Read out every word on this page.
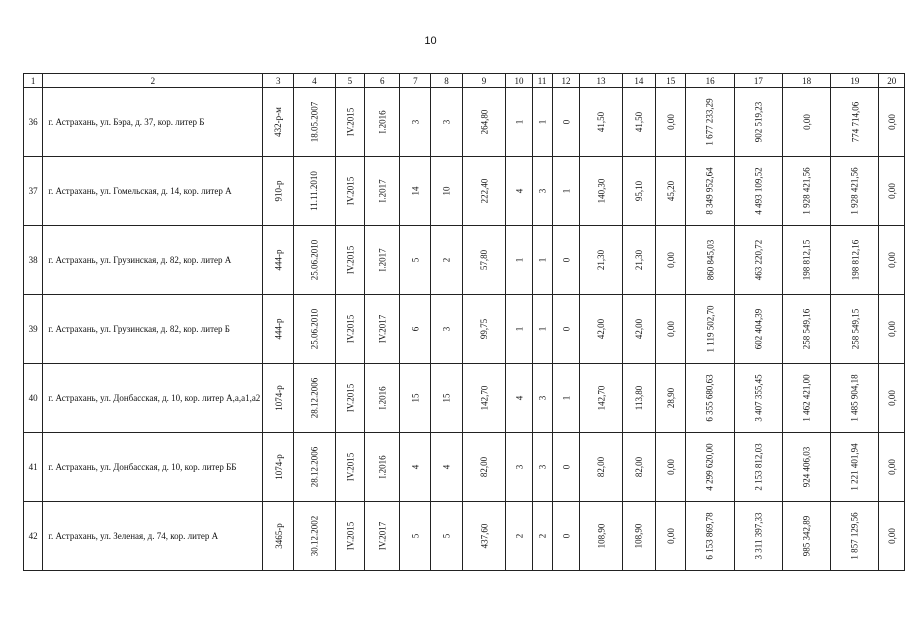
10
1	2	3	4	5	6	7	8	9	10	11	12	13	14	15	16	17	18	19	20
36	г. Астрахань, ул. Бэра, д. 37, кор. литер Б	432-р-м	18.05.2007	IV.2015	I.2016	3	3	264,80	1	1	0	41,50	41,50	0,00	1 677 233,29	902 519,23	0,00	774 714,06	0,00
37	г. Астрахань, ул. Гомельская, д. 14, кор. литер А	910-р	11.11.2010	IV.2015	I.2017	14	10	222,40	4	3	1	140,30	95,10	45,20	8 349 952,64	4 493 109,52	1 928 421,56	1 928 421,56	0,00
38	г. Астрахань, ул. Грузинская, д. 82, кор. литер А	444-р	25.06.2010	IV.2015	I.2017	5	2	57,80	1	1	0	21,30	21,30	0,00	860 845,03	463 220,72	198 812,15	198 812,16	0,00
39	г. Астрахань, ул. Грузинская, д. 82, кор. литер Б	444-р	25.06.2010	IV.2015	IV.2017	6	3	99,75	1	1	0	42,00	42,00	0,00	1 119 502,70	602 404,39	258 549,16	258 549,15	0,00
40	г. Астрахань, ул. Донбасская, д. 10, кор. литер А,а,а1,а2	1074-р	28.12.2006	IV.2015	I.2016	15	15	142,70	4	3	1	142,70	113,80	28,90	6 355 680,63	3 407 355,45	1 462 421,00	1 485 904,18	0,00
41	г. Астрахань, ул. Донбасская, д. 10, кор. литер ББ	1074-р	28.12.2006	IV.2015	I.2016	4	4	82,00	3	3	0	82,00	82,00	0,00	4 299 620,00	2 153 812,03	924 406,03	1 221 401,94	0,00
42	г. Астрахань, ул. Зеленая, д. 74, кор. литер А	3465-р	30.12.2002	IV.2015	IV.2017	5	5	437,60	2	2	0	108,90	108,90	0,00	6 153 869,78	3 311 397,33	985 342,89	1 857 129,56	0,00
